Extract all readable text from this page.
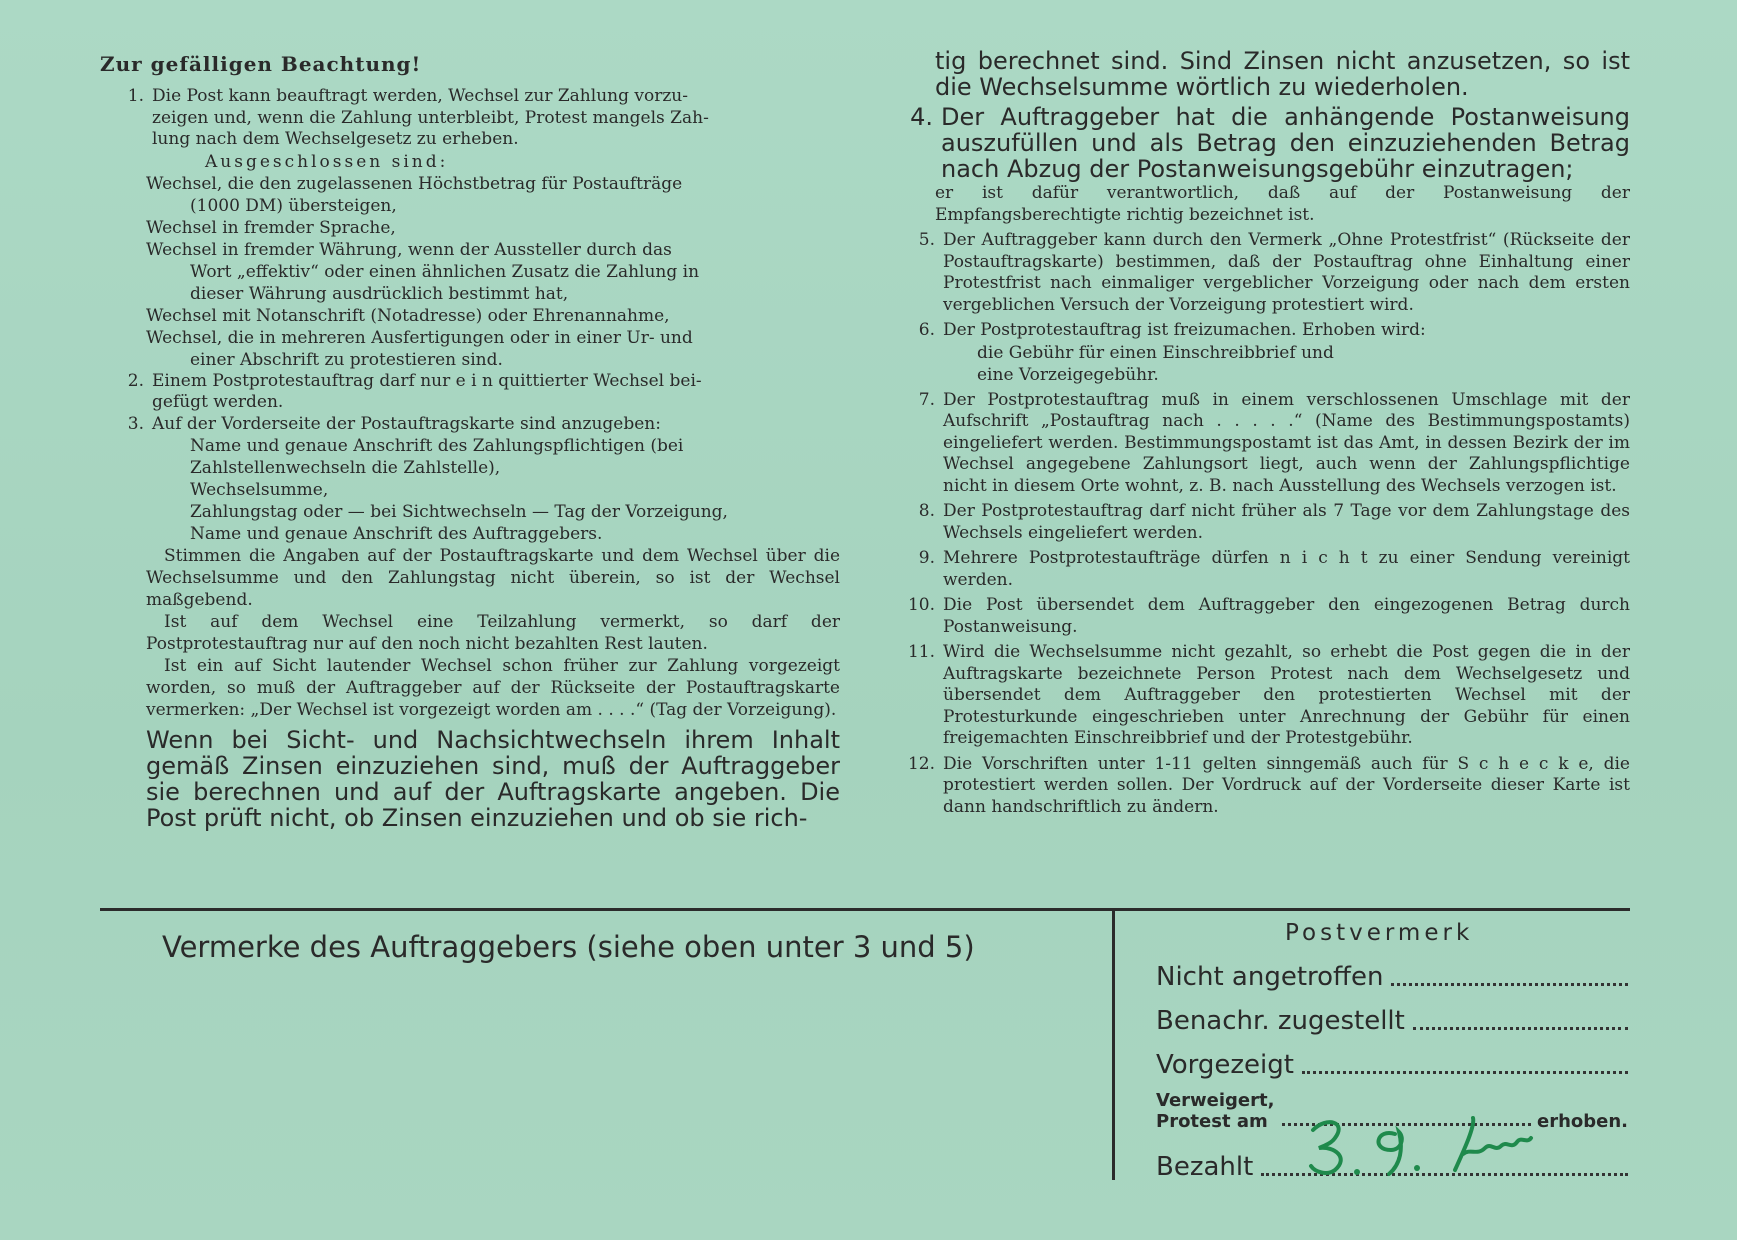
Zur gefälligen Beachtung!
1. Die Post kann beauftragt werden, Wechsel zur Zahlung vorzu-
zeigen und, wenn die Zahlung unterbleibt, Protest mangels Zah-
lung nach dem Wechselgesetz zu erheben.
Ausgeschlossen sind:
Wechsel, die den zugelassenen Höchstbetrag für Postaufträge
(1000 DM) übersteigen,
Wechsel in fremder Sprache,
Wechsel in fremder Währung, wenn der Aussteller durch das
Wort „effektiv“ oder einen ähnlichen Zusatz die Zahlung in
dieser Währung ausdrücklich bestimmt hat,
Wechsel mit Notanschrift (Notadresse) oder Ehrenannahme,
Wechsel, die in mehreren Ausfertigungen oder in einer Ur- und
einer Abschrift zu protestieren sind.
2. Einem Postprotestauftrag darf nur e i n quittierter Wechsel bei-
gefügt werden.
3. Auf der Vorderseite der Postauftragskarte sind anzugeben:
Name und genaue Anschrift des Zahlungspflichtigen (bei
Zahlstellenwechseln die Zahlstelle),
Wechselsumme,
Zahlungstag oder — bei Sichtwechseln — Tag der Vorzeigung,
Name und genaue Anschrift des Auftraggebers.
Stimmen die Angaben auf der Postauftragskarte und dem Wechsel über die Wechselsumme und den Zahlungstag nicht überein, so ist der Wechsel maßgebend.
Ist auf dem Wechsel eine Teilzahlung vermerkt, so darf der Postprotestauftrag nur auf den noch nicht bezahlten Rest lauten.
Ist ein auf Sicht lautender Wechsel schon früher zur Zahlung vorgezeigt worden, so muß der Auftraggeber auf der Rückseite der Postauftragskarte vermerken: „Der Wechsel ist vorgezeigt worden am . . . .“ (Tag der Vorzeigung).
Wenn bei Sicht- und Nachsichtwechseln ihrem Inhalt gemäß Zinsen einzuziehen sind, muß der Auftraggeber sie berechnen und auf der Auftragskarte angeben. Die Post prüft nicht, ob Zinsen einzuziehen und ob sie rich-
tig berechnet sind. Sind Zinsen nicht anzusetzen, so ist die Wechselsumme wörtlich zu wiederholen.
4. Der Auftraggeber hat die anhängende Postanweisung auszufüllen und als Betrag den einzuziehenden Betrag nach Abzug der Postanweisungsgebühr einzutragen;
er ist dafür verantwortlich, daß auf der Postanweisung der Empfangsberechtigte richtig bezeichnet ist.
5. Der Auftraggeber kann durch den Vermerk „Ohne Protestfrist“ (Rückseite der Postauftragskarte) bestimmen, daß der Postauftrag ohne Einhaltung einer Protestfrist nach einmaliger vergeblicher Vorzeigung oder nach dem ersten vergeblichen Versuch der Vorzeigung protestiert wird.
6. Der Postprotestauftrag ist freizumachen. Erhoben wird:
die Gebühr für einen Einschreibbrief und
eine Vorzeigegebühr.
7. Der Postprotestauftrag muß in einem verschlossenen Umschlage mit der Aufschrift „Postauftrag nach . . . . .“ (Name des Bestimmungspostamts) eingeliefert werden. Bestimmungspostamt ist das Amt, in dessen Bezirk der im Wechsel angegebene Zahlungsort liegt, auch wenn der Zahlungspflichtige nicht in diesem Orte wohnt, z. B. nach Ausstellung des Wechsels verzogen ist.
8. Der Postprotestauftrag darf nicht früher als 7 Tage vor dem Zahlungstage des Wechsels eingeliefert werden.
9. Mehrere Postprotestaufträge dürfen n i c h t zu einer Sendung vereinigt werden.
10. Die Post übersendet dem Auftraggeber den eingezogenen Betrag durch Postanweisung.
11. Wird die Wechselsumme nicht gezahlt, so erhebt die Post gegen die in der Auftragskarte bezeichnete Person Protest nach dem Wechselgesetz und übersendet dem Auftraggeber den protestierten Wechsel mit der Protesturkunde eingeschrieben unter Anrechnung der Gebühr für einen freigemachten Einschreibbrief und der Protestgebühr.
12. Die Vorschriften unter 1-11 gelten sinngemäß auch für S c h e c k e, die protestiert werden sollen. Der Vordruck auf der Vorderseite dieser Karte ist dann handschriftlich zu ändern.
Vermerke des Auftraggebers (siehe oben unter 3 und 5)	Postvermerk
Nicht angetroffen
Benachr. zugestellt
Vorgezeigt
Verweigert,
Protest am	erhoben.
Bezahlt
